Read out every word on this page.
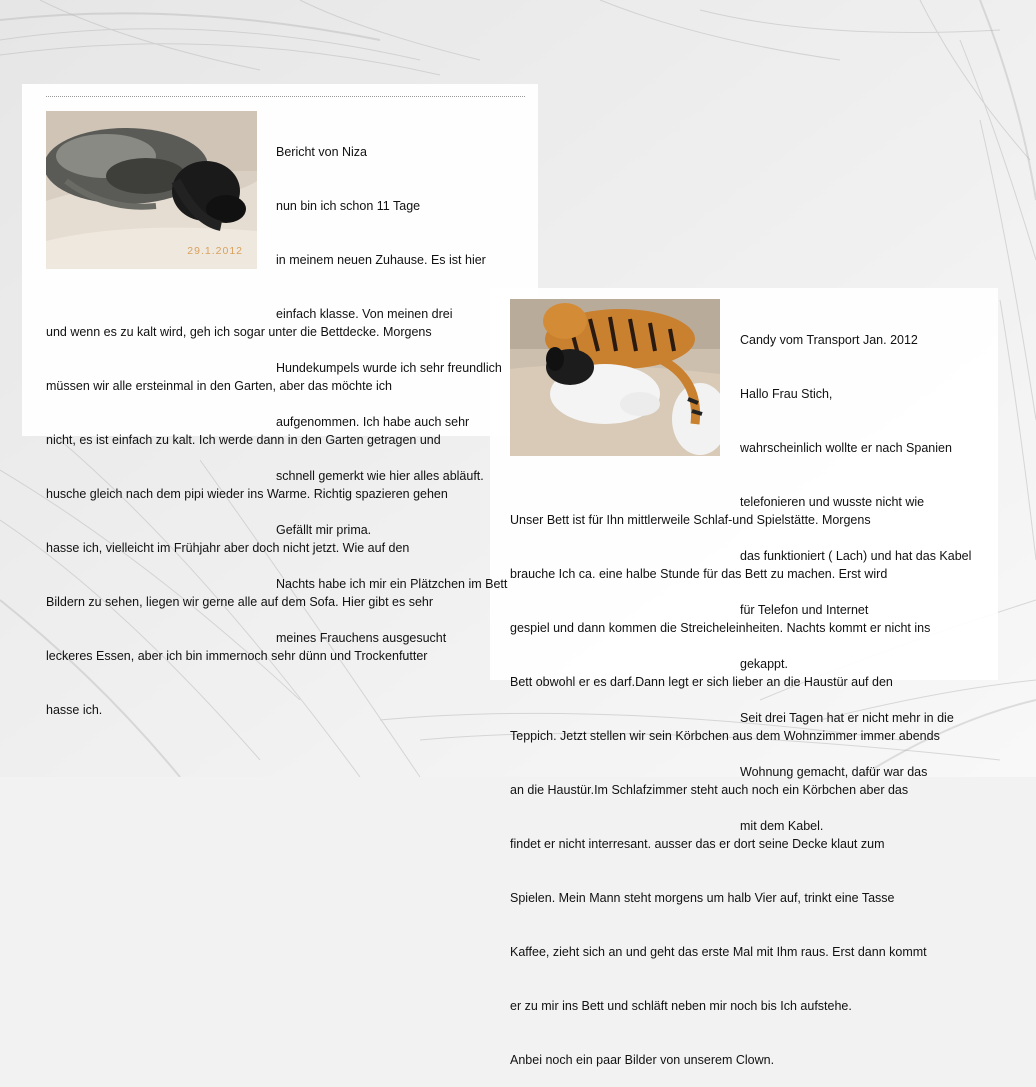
29.1.2012

Bericht von Niza

nun bin ich schon 11 Tage

in meinem neuen Zuhause. Es ist hier

einfach klasse. Von meinen drei

Hundekumpels wurde ich sehr freundlich

aufgenommen. Ich habe auch sehr

schnell gemerkt wie hier alles abläuft.

Gefällt mir prima.

Nachts habe ich mir ein Plätzchen im Bett

meines Frauchens ausgesucht

und wenn es zu kalt wird, geh ich sogar unter die Bettdecke. Morgens

müssen wir alle ersteinmal in den Garten, aber das möchte ich

nicht, es ist einfach zu kalt. Ich werde dann in den Garten getragen und

husche gleich nach dem pipi wieder ins Warme. Richtig spazieren gehen

hasse ich, vielleicht im Frühjahr aber doch nicht jetzt. Wie auf den

Bildern zu sehen, liegen wir gerne alle auf dem Sofa. Hier gibt es sehr

leckeres Essen, aber ich bin immernoch sehr dünn und Trockenfutter

hasse ich.

Candy vom Transport Jan. 2012

Hallo Frau Stich,

wahrscheinlich wollte er nach Spanien

telefonieren und wusste nicht wie

das funktioniert ( Lach) und hat das Kabel

für Telefon und Internet

gekappt.

Seit drei Tagen hat er nicht mehr in die

Wohnung gemacht, dafür war das

mit dem Kabel.

Unser Bett ist für Ihn mittlerweile Schlaf-und Spielstätte. Morgens

brauche Ich ca. eine halbe Stunde für das Bett zu machen. Erst wird

gespiel und dann kommen die Streicheleinheiten. Nachts kommt er nicht ins

Bett obwohl er es darf.Dann legt er sich lieber an die Haustür auf den

Teppich. Jetzt stellen wir sein Körbchen aus dem Wohnzimmer immer abends

an die Haustür.Im Schlafzimmer steht auch noch ein Körbchen aber das

findet er nicht interresant. ausser das er dort seine Decke klaut zum

Spielen. Mein Mann steht morgens um halb Vier auf, trinkt eine Tasse

Kaffee, zieht sich an und geht das erste Mal mit Ihm raus. Erst dann kommt

er zu mir ins Bett und schläft neben mir noch bis Ich aufstehe.

Anbei noch ein paar Bilder von unserem Clown.
